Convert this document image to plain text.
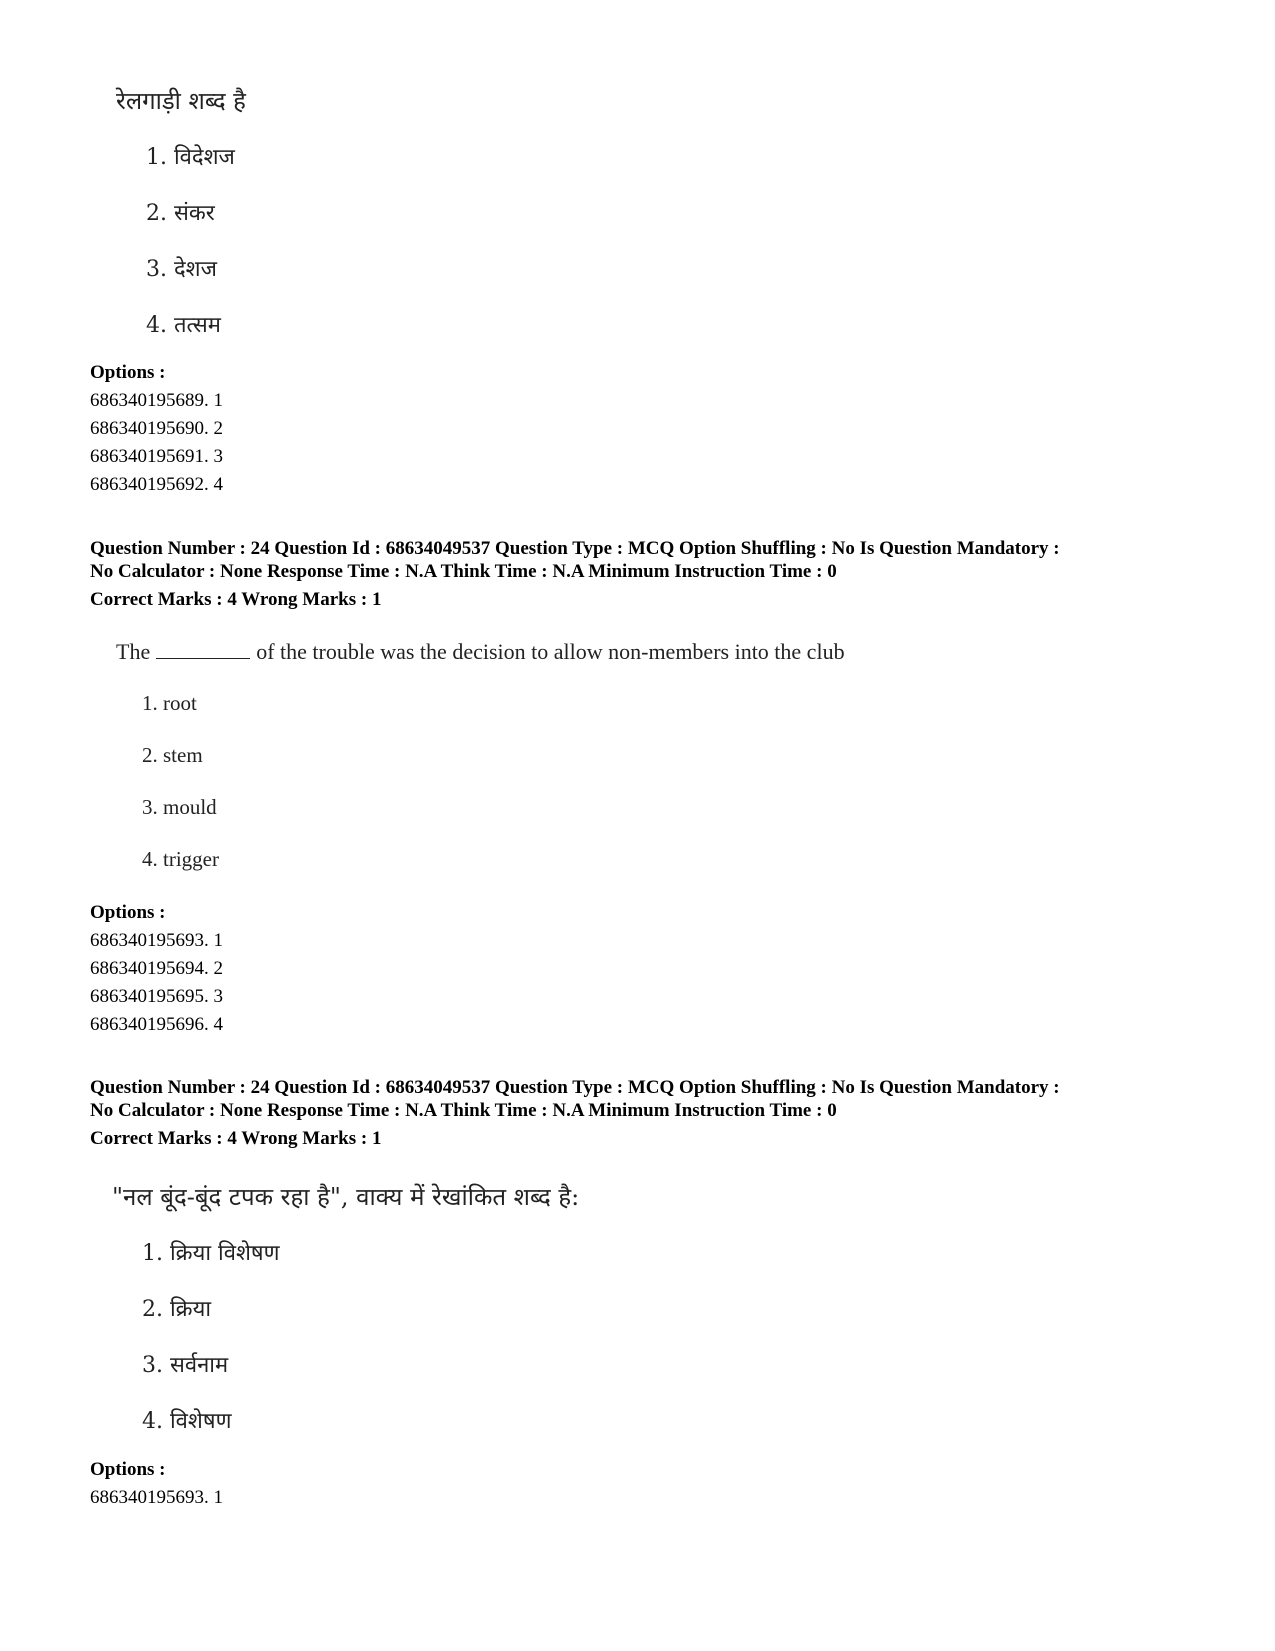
रेलगाड़ी शब्द है
1. विदेशज
2. संकर
3. देशज
4. तत्सम
Options :
686340195689. 1
686340195690. 2
686340195691. 3
686340195692. 4
Question Number : 24 Question Id : 68634049537 Question Type : MCQ Option Shuffling : No Is Question Mandatory :
No Calculator : None Response Time : N.A Think Time : N.A Minimum Instruction Time : 0
Correct Marks : 4 Wrong Marks : 1
The	of the trouble was the decision to allow non-members into the club
1. root
2. stem
3. mould
4. trigger
Options :
686340195693. 1
686340195694. 2
686340195695. 3
686340195696. 4
Question Number : 24 Question Id : 68634049537 Question Type : MCQ Option Shuffling : No Is Question Mandatory :
No Calculator : None Response Time : N.A Think Time : N.A Minimum Instruction Time : 0
Correct Marks : 4 Wrong Marks : 1
"नल बूंद-बूंद टपक रहा है", वाक्य में रेखांकित शब्द है:
1. क्रिया विशेषण
2. क्रिया
3. सर्वनाम
4. विशेषण
Options :
686340195693. 1
